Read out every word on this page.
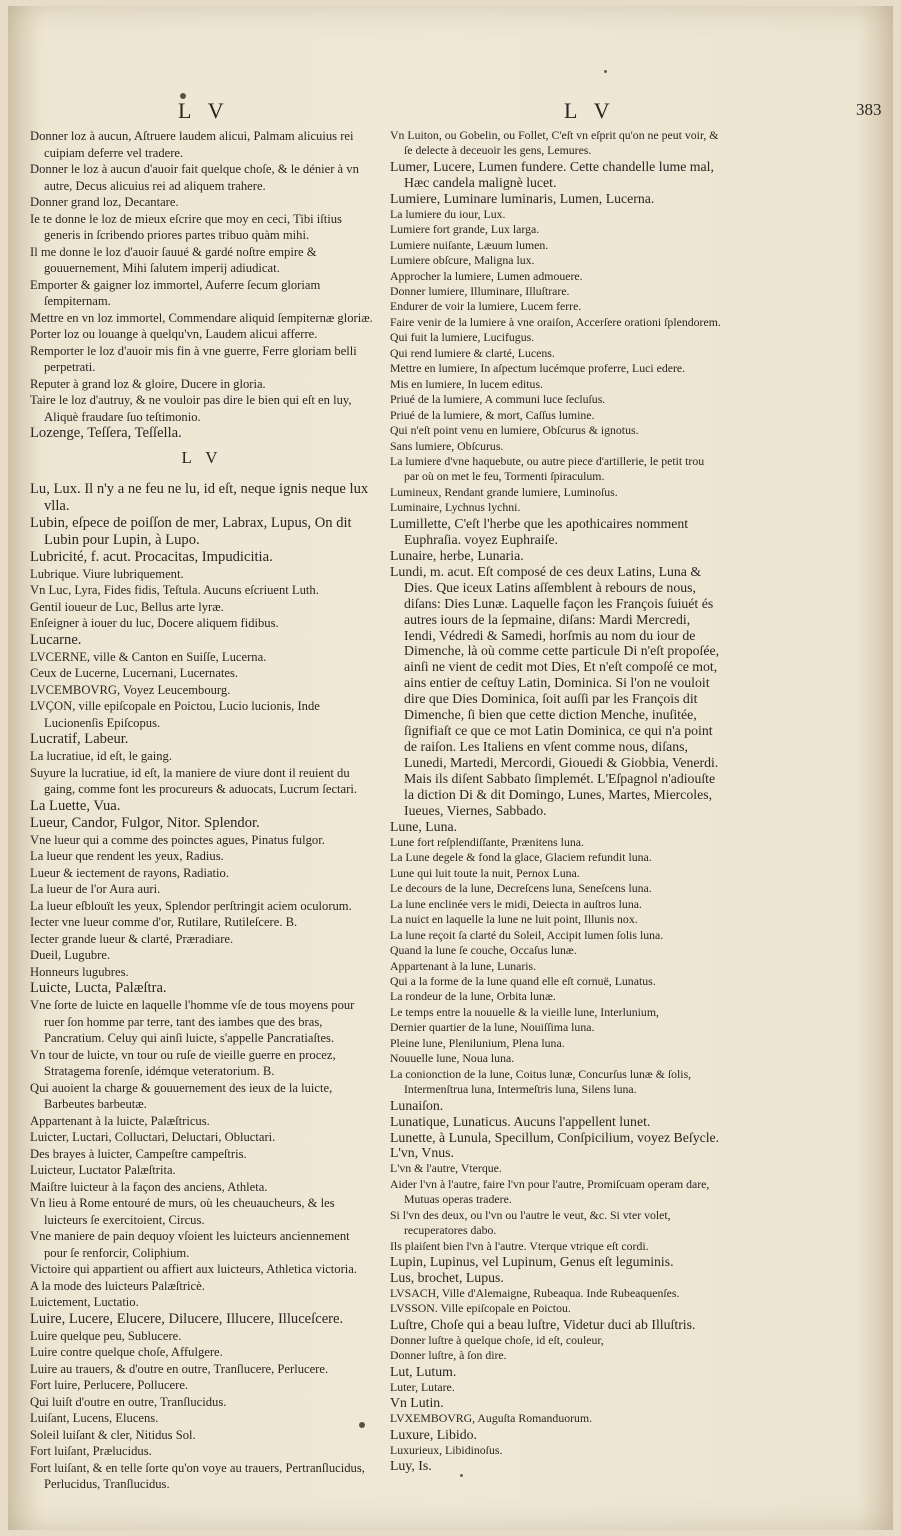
L V	L V	383

Donner loz à aucun, Aſtruere laudem alicui, Palmam alicuius rei cuipiam deferre vel tradere.

Donner le loz à aucun d'auoir fait quelque choſe, & le dénier à vn autre, Decus alicuius rei ad aliquem trahere.

Donner grand loz, Decantare.

Ie te donne le loz de mieux eſcrire que moy en ceci, Tibi iſtius generis in ſcribendo priores partes tribuo quàm mihi.

Il me donne le loz d'auoir ſauué & gardé noſtre empire & gouuernement, Mihi ſalutem imperij adiudicat.

Emporter & gaigner loz immortel, Auferre ſecum gloriam ſempiternam.

Mettre en vn loz immortel, Commendare aliquid ſempiternæ gloriæ.

Porter loz ou louange à quelqu'vn, Laudem alicui afferre.

Remporter le loz d'auoir mis fin à vne guerre, Ferre gloriam belli perpetrati.

Reputer à grand loz & gloire, Ducere in gloria.

Taire le loz d'autruy, & ne vouloir pas dire le bien qui eſt en luy, Aliquè fraudare ſuo teſtimonio.

Lozenge, Teſſera, Teſſella.

L V

Lu, Lux. Il n'y a ne feu ne lu, id eſt, neque ignis neque lux vlla.

Lubin, eſpece de poiſſon de mer, Labrax, Lupus, On dit Lubin pour Lupin, à Lupo.

Lubricité, f. acut. Procacitas, Impudicitia.

Lubrique. Viure lubriquement.

Vn Luc, Lyra, Fides fidis, Teſtula. Aucuns eſcriuent Luth.

Gentil ioueur de Luc, Bellus arte lyræ.

Enſeigner à iouer du luc, Docere aliquem fidibus.

Lucarne.

LVCERNE, ville & Canton en Suiſſe, Lucerna.

Ceux de Lucerne, Lucernani, Lucernates.

LVCEMBOVRG, Voyez Leucembourg.

LVÇON, ville epiſcopale en Poictou, Lucio lucionis, Inde Lucionenſis Epiſcopus.

Lucratif, Labeur.

La lucratiue, id eſt, le gaing.

Suyure la lucratiue, id eſt, la maniere de viure dont il reuient du gaing, comme font les procureurs & aduocats, Lucrum ſectari.

La Luette, Vua.

Lueur, Candor, Fulgor, Nitor. Splendor.

Vne lueur qui a comme des poinctes agues, Pinatus fulgor.

La lueur que rendent les yeux, Radius.

Lueur & iectement de rayons, Radiatio.

La lueur de l'or Aura auri.

La lueur eſblouït les yeux, Splendor perſtringit aciem oculorum.

Iecter vne lueur comme d'or, Rutilare, Rutileſcere. B.

Iecter grande lueur & clarté, Præradiare.

Dueil, Lugubre.

Honneurs lugubres.

Luicte, Lucta, Palæſtra.

Vne ſorte de luicte en laquelle l'homme vſe de tous moyens pour ruer ſon homme par terre, tant des iambes que des bras, Pancratium. Celuy qui ainſi luicte, s'appelle Pancratiaſtes.

Vn tour de luicte, vn tour ou ruſe de vieille guerre en procez, Stratagema forenſe, idémque veteratorium. B.

Qui auoient la charge & gouuernement des ieux de la luicte, Barbeutes barbeutæ.

Appartenant à la luicte, Palæſtricus.

Luicter, Luctari, Colluctari, Deluctari, Obluctari.

Des brayes à luicter, Campeſtre campeſtris.

Luicteur, Luctator Palæſtrita.

Maiſtre luicteur à la façon des anciens, Athleta.

Vn lieu à Rome entouré de murs, où les cheuaucheurs, & les luicteurs ſe exercitoient, Circus.

Vne maniere de pain dequoy vſoient les luicteurs anciennement pour ſe renforcir, Coliphium.

Victoire qui appartient ou affiert aux luicteurs, Athletica victoria.

A la mode des luicteurs Palæſtricè.

Luictement, Luctatio.

Luire, Lucere, Elucere, Dilucere, Illucere, Illuceſcere.

Luire quelque peu, Sublucere.

Luire contre quelque choſe, Affulgere.

Luire au trauers, & d'outre en outre, Tranſlucere, Perlucere.

Fort luire, Perlucere, Pollucere.

Qui luiſt d'outre en outre, Tranſlucidus.

Luiſant, Lucens, Elucens.

Soleil luiſant & cler, Nitidus Sol.

Fort luiſant, Prælucidus.

Fort luiſant, & en telle ſorte qu'on voye au trauers, Pertranſlucidus, Perlucidus, Tranſlucidus.

Vn Luiton, ou Gobelin, ou Follet, C'eſt vn eſprit qu'on ne peut voir, & ſe delecte à deceuoir les gens, Lemures.

Lumer, Lucere, Lumen fundere. Cette chandelle lume mal, Hæc candela malignè lucet.

Lumiere, Luminare luminaris, Lumen, Lucerna.

La lumiere du iour, Lux.

Lumiere fort grande, Lux larga.

Lumiere nuiſante, Læuum lumen.

Lumiere obſcure, Maligna lux.

Approcher la lumiere, Lumen admouere.

Donner lumiere, Illuminare, Illuſtrare.

Endurer de voir la lumiere, Lucem ferre.

Faire venir de la lumiere à vne oraiſon, Accerſere orationi ſplendorem.

Qui fuit la lumiere, Lucifugus.

Qui rend lumiere & clarté, Lucens.

Mettre en lumiere, In aſpectum lucémque proferre, Luci edere.

Mis en lumiere, In lucem editus.

Priué de la lumiere, A communi luce ſecluſus.

Priué de la lumiere, & mort, Caſſus lumine.

Qui n'eſt point venu en lumiere, Obſcurus & ignotus.

Sans lumiere, Obſcurus.

La lumiere d'vne haquebute, ou autre piece d'artillerie, le petit trou par où on met le feu, Tormenti ſpiraculum.

Lumineux, Rendant grande lumiere, Luminoſus.

Luminaire, Lychnus lychni.

Lumillette, C'eſt l'herbe que les apothicaires nomment Euphraſia. voyez Euphraiſe.

Lunaire, herbe, Lunaria.

Lundi, m. acut. Eſt composé de ces deux Latins, Luna & Dies. Que iceux Latins aſſemblent à rebours de nous, diſans: Dies Lunæ. Laquelle façon les François ſuiuét és autres iours de la ſepmaine, diſans: Mardi Mercredi, Iendi, Védredi & Samedi, horſmis au nom du iour de Dimenche, là où comme cette particule Di n'eſt propoſée, ainſi ne vient de cedit mot Dies, Et n'eſt compoſé ce mot, ains entier de ceſtuy Latin, Dominica. Si l'on ne vouloit dire que Dies Dominica, ſoit auſſi par les François dit Dimenche, ſi bien que cette diction Menche, inuſitée, ſignifiaſt ce que ce mot Latin Dominica, ce qui n'a point de raiſon. Les Italiens en vſent comme nous, diſans, Lunedi, Martedi, Mercordi, Giouedi & Giobbia, Venerdi. Mais ils diſent Sabbato ſimplemét. L'Eſpagnol n'adiouſte la diction Di & dit Domingo, Lunes, Martes, Miercoles, Iueues, Viernes, Sabbado.

Lune, Luna.

Lune fort reſplendiſſante, Prænitens luna.

La Lune degele & fond la glace, Glaciem refundit luna.

Lune qui luit toute la nuit, Pernox Luna.

Le decours de la lune, Decreſcens luna, Seneſcens luna.

La lune enclinée vers le midi, Deiecta in auſtros luna.

La nuict en laquelle la lune ne luit point, Illunis nox.

La lune reçoit ſa clarté du Soleil, Accipit lumen ſolis luna.

Quand la lune ſe couche, Occaſus lunæ.

Appartenant à la lune, Lunaris.

Qui a la forme de la lune quand elle eſt cornuë, Lunatus.

La rondeur de la lune, Orbita lunæ.

Le temps entre la nouuelle & la vieille lune, Interlunium,

Dernier quartier de la lune, Nouiſſima luna.

Pleine lune, Plenilunium, Plena luna.

Nouuelle lune, Noua luna.

La conionction de la lune, Coitus lunæ, Concurſus lunæ & ſolis, Intermenſtrua luna, Intermeſtris luna, Silens luna.

Lunaiſon.

Lunatique, Lunaticus. Aucuns l'appellent lunet.

Lunette, à Lunula, Specillum, Conſpicilium, voyez Beſycle.

L'vn, Vnus.

L'vn & l'autre, Vterque.

Aider l'vn à l'autre, faire l'vn pour l'autre, Promiſcuam operam dare, Mutuas operas tradere.

Si l'vn des deux, ou l'vn ou l'autre le veut, &c. Si vter volet, recuperatores dabo.

Ils plaiſent bien l'vn à l'autre. Vterque vtrique eſt cordi.

Lupin, Lupinus, vel Lupinum, Genus eſt leguminis.

Lus, brochet, Lupus.

LVSACH, Ville d'Alemaigne, Rubeaqua. Inde Rubeaquenſes.

LVSSON. Ville epiſcopale en Poictou.

Luſtre, Choſe qui a beau luſtre, Videtur duci ab Illuſtris.

Donner luſtre à quelque choſe, id eſt, couleur,

Donner luſtre, à ſon dire.

Lut, Lutum.

Luter, Lutare.

Vn Lutin.

LVXEMBOVRG, Auguſta Romanduorum.

Luxure, Libido.

Luxurieux, Libidinoſus.

Luy, Is.
